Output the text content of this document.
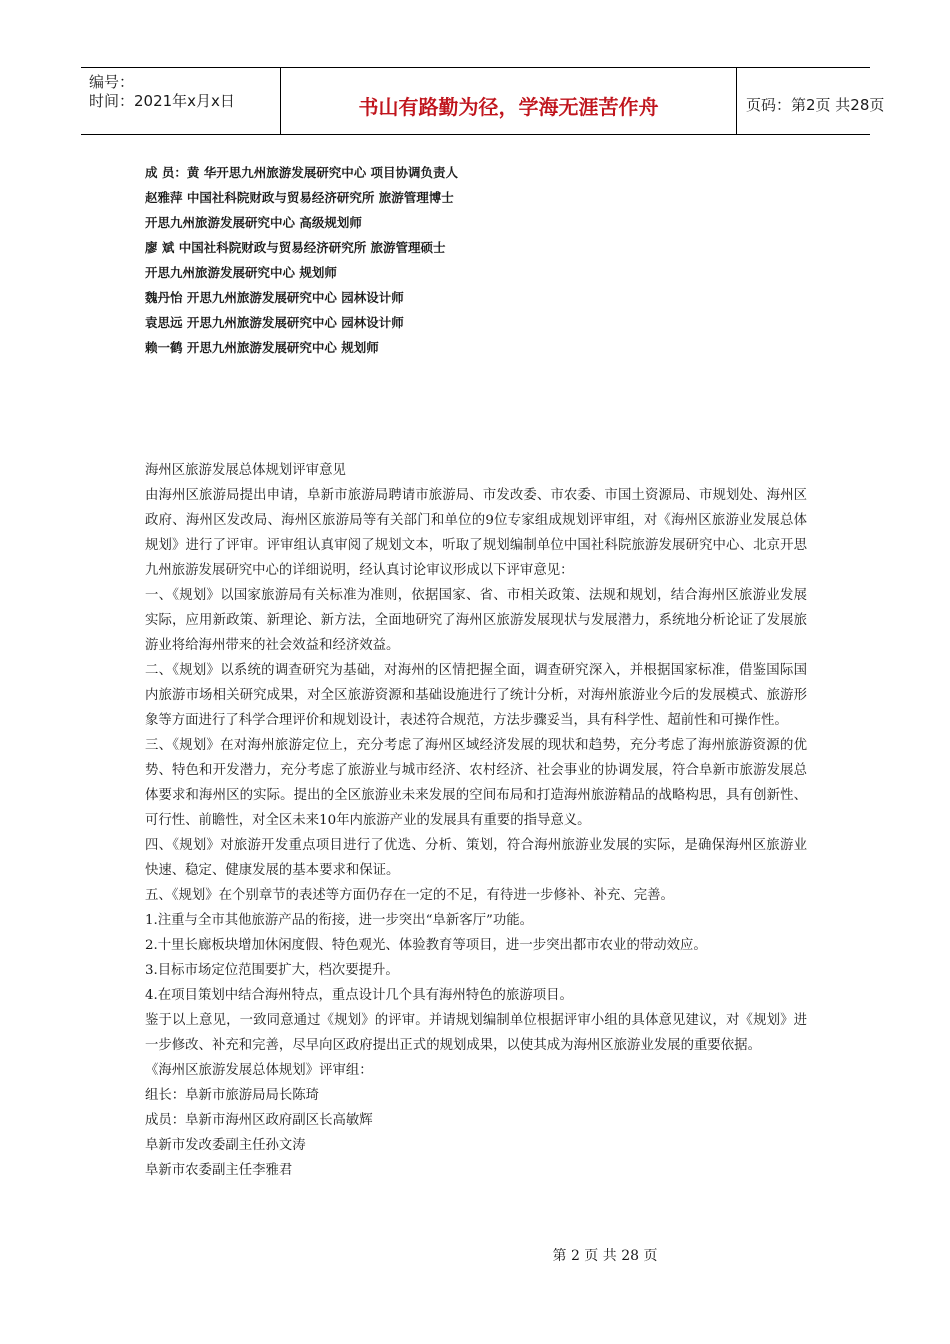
编号：
时间：2021年x月x日	书山有路勤为径，学海无涯苦作舟	页码：第2页 共28页
成 员：黄 华开思九州旅游发展研究中心 项目协调负责人
赵雅萍 中国社科院财政与贸易经济研究所 旅游管理博士
开思九州旅游发展研究中心 高级规划师
廖 斌 中国社科院财政与贸易经济研究所 旅游管理硕士
开思九州旅游发展研究中心 规划师
魏丹怡 开思九州旅游发展研究中心 园林设计师
袁思远 开思九州旅游发展研究中心 园林设计师
赖一鹤 开思九州旅游发展研究中心 规划师

海州区旅游发展总体规划评审意见

由海州区旅游局提出申请，阜新市旅游局聘请市旅游局、市发改委、市农委、市国土资源局、市规划处、海州区政府、海州区发改局、海州区旅游局等有关部门和单位的9位专家组成规划评审组，对《海州区旅游业发展总体规划》进行了评审。评审组认真审阅了规划文本，听取了规划编制单位中国社科院旅游发展研究中心、北京开思九州旅游发展研究中心的详细说明，经认真讨论审议形成以下评审意见：

一、《规划》以国家旅游局有关标准为准则，依据国家、省、市相关政策、法规和规划，结合海州区旅游业发展实际，应用新政策、新理论、新方法，全面地研究了海州区旅游发展现状与发展潜力，系统地分析论证了发展旅游业将给海州带来的社会效益和经济效益。

二、《规划》以系统的调查研究为基础，对海州的区情把握全面，调查研究深入，并根据国家标准，借鉴国际国内旅游市场相关研究成果，对全区旅游资源和基础设施进行了统计分析，对海州旅游业今后的发展模式、旅游形象等方面进行了科学合理评价和规划设计，表述符合规范，方法步骤妥当，具有科学性、超前性和可操作性。

三、《规划》在对海州旅游定位上，充分考虑了海州区域经济发展的现状和趋势，充分考虑了海州旅游资源的优势、特色和开发潜力，充分考虑了旅游业与城市经济、农村经济、社会事业的协调发展，符合阜新市旅游发展总体要求和海州区的实际。提出的全区旅游业未来发展的空间布局和打造海州旅游精品的战略构思，具有创新性、可行性、前瞻性，对全区未来10年内旅游产业的发展具有重要的指导意义。

四、《规划》对旅游开发重点项目进行了优选、分析、策划，符合海州旅游业发展的实际，是确保海州区旅游业快速、稳定、健康发展的基本要求和保证。

五、《规划》在个别章节的表述等方面仍存在一定的不足，有待进一步修补、补充、完善。

1.注重与全市其他旅游产品的衔接，进一步突出“阜新客厅”功能。

2.十里长廊板块增加休闲度假、特色观光、体验教育等项目，进一步突出都市农业的带动效应。

3.目标市场定位范围要扩大，档次要提升。

4.在项目策划中结合海州特点，重点设计几个具有海州特色的旅游项目。

鉴于以上意见，一致同意通过《规划》的评审。并请规划编制单位根据评审小组的具体意见建议，对《规划》进一步修改、补充和完善，尽早向区政府提出正式的规划成果，以使其成为海州区旅游业发展的重要依据。

《海州区旅游发展总体规划》评审组：

组长：阜新市旅游局局长陈琦

成员：阜新市海州区政府副区长高敏辉

阜新市发改委副主任孙文涛

阜新市农委副主任李雅君

第 2 页 共 28 页
